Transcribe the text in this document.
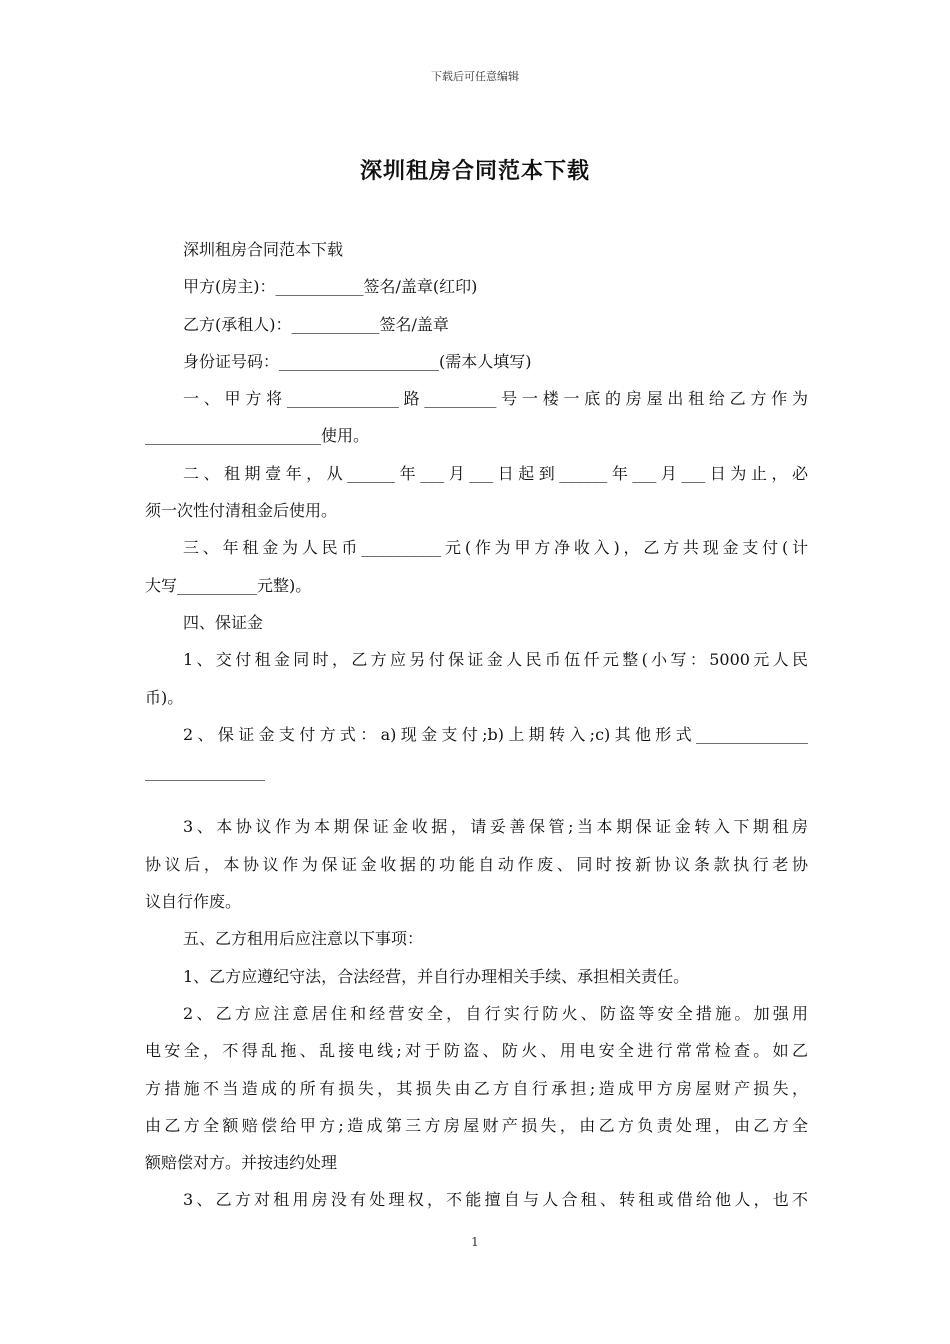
下载后可任意编辑
深圳租房合同范本下载
深圳租房合同范本下载
甲方(房主)：___________签名/盖章(红印)
乙方(承租人)：___________签名/盖章
身份证号码：____________________(需本人填写)
一、甲方将______________路_________号一楼一底的房屋出租给乙方作为
______________________使用。
二、租期壹年，从______年___月___日起到______年___月___日为止，必
须一次性付清租金后使用。
三、年租金为人民币__________元(作为甲方净收入)，乙方共现金支付(计
大写__________元整)。
四、保证金
1、交付租金同时，乙方应另付保证金人民币伍仟元整(小写：5000元人民
币)。
2、保证金支付方式：a)现金支付;b)上期转入;c)其他形式______________
_______________
3、本协议作为本期保证金收据，请妥善保管;当本期保证金转入下期租房
协议后，本协议作为保证金收据的功能自动作废、同时按新协议条款执行老协
议自行作废。
五、乙方租用后应注意以下事项：
1、乙方应遵纪守法，合法经营，并自行办理相关手续、承担相关责任。
2、乙方应注意居住和经营安全，自行实行防火、防盗等安全措施。加强用
电安全，不得乱拖、乱接电线;对于防盗、防火、用电安全进行常常检查。如乙
方措施不当造成的所有损失，其损失由乙方自行承担;造成甲方房屋财产损失，
由乙方全额赔偿给甲方;造成第三方房屋财产损失，由乙方负责处理，由乙方全
额赔偿对方。并按违约处理
3、乙方对租用房没有处理权，不能擅自与人合租、转租或借给他人，也不
1
